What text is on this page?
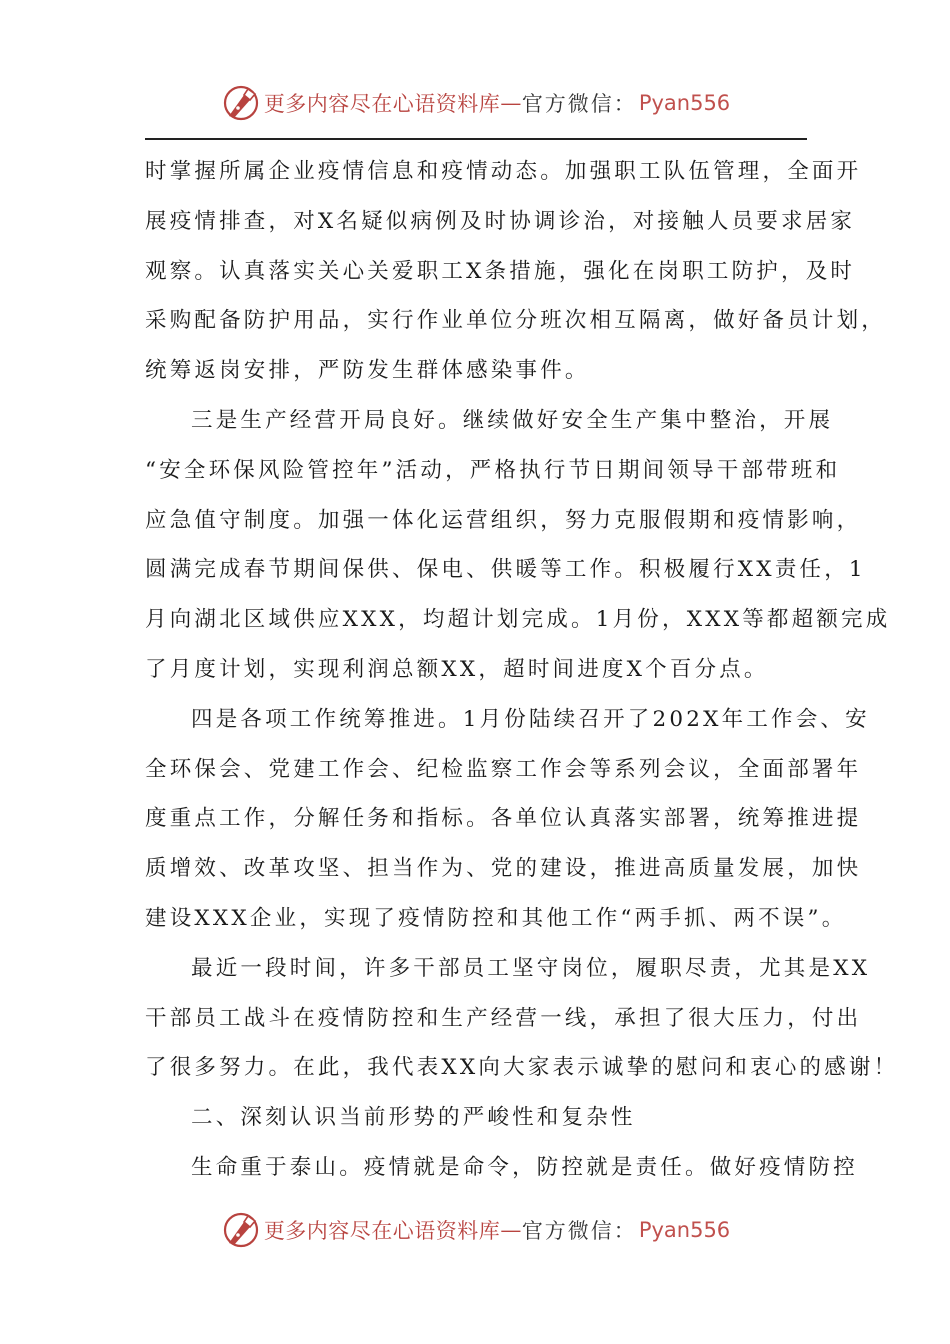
更多内容尽在心语资料库 — 官方微信： Pyan556
时掌握所属企业疫情信息和疫情动态。加强职工队伍管理，全面开
展疫情排查，对X名疑似病例及时协调诊治，对接触人员要求居家
观察。认真落实关心关爱职工X条措施，强化在岗职工防护，及时
采购配备防护用品，实行作业单位分班次相互隔离，做好备员计划，
统筹返岗安排，严防发生群体感染事件。
三是生产经营开局良好。继续做好安全生产集中整治，开展
“安全环保风险管控年”活动，严格执行节日期间领导干部带班和
应急值守制度。加强一体化运营组织，努力克服假期和疫情影响，
圆满完成春节期间保供、保电、供暖等工作。积极履行XX责任，1
月向湖北区域供应XXX，均超计划完成。1月份，XXX等都超额完成
了月度计划，实现利润总额XX，超时间进度X个百分点。
四是各项工作统筹推进。1月份陆续召开了202X年工作会、安
全环保会、党建工作会、纪检监察工作会等系列会议，全面部署年
度重点工作，分解任务和指标。各单位认真落实部署，统筹推进提
质增效、改革攻坚、担当作为、党的建设，推进高质量发展，加快
建设XXX企业，实现了疫情防控和其他工作“两手抓、两不误”。
最近一段时间，许多干部员工坚守岗位，履职尽责，尤其是XX
干部员工战斗在疫情防控和生产经营一线，承担了很大压力，付出
了很多努力。在此，我代表XX向大家表示诚挚的慰问和衷心的感谢！
二、深刻认识当前形势的严峻性和复杂性
生命重于泰山。疫情就是命令，防控就是责任。做好疫情防控
更多内容尽在心语资料库 — 官方微信： Pyan556
